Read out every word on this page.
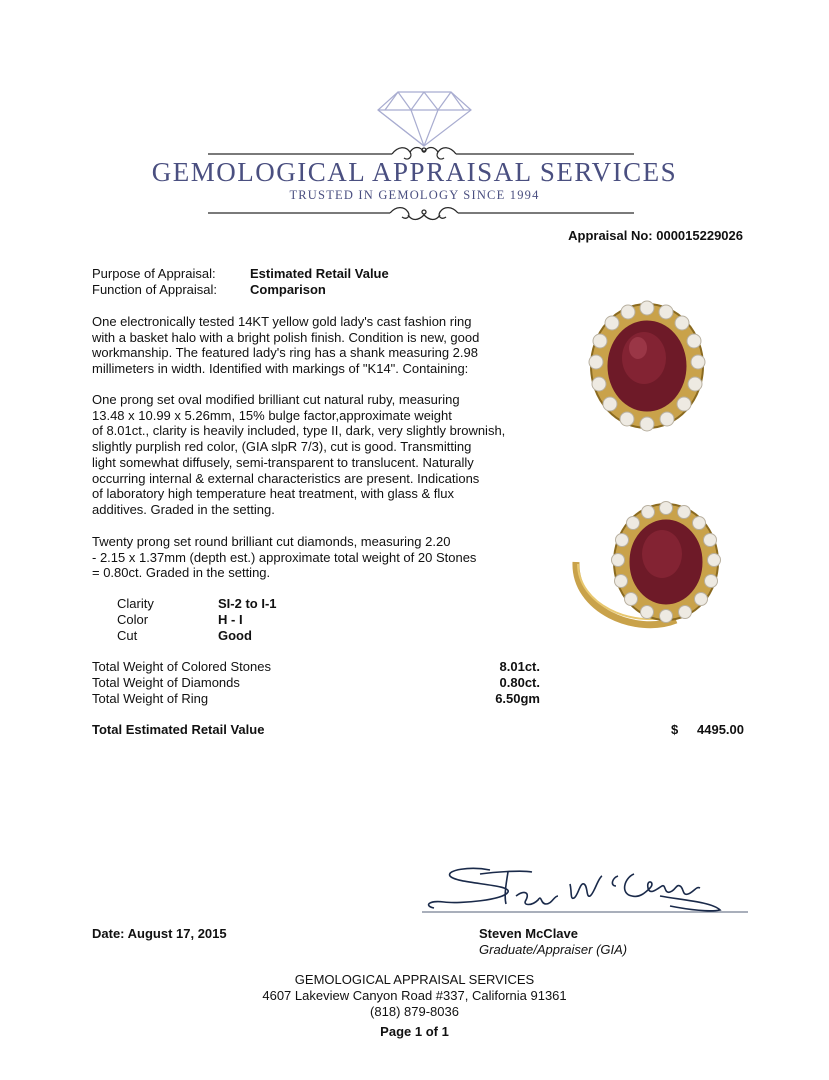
GEMOLOGICAL APPRAISAL SERVICES
TRUSTED IN GEMOLOGY SINCE 1994
Appraisal No: 000015229026
Purpose of Appraisal:	Estimated Retail Value
Function of Appraisal:	Comparison
One electronically tested 14KT yellow gold lady's cast fashion ring
with a basket halo with a bright polish finish. Condition is new, good
workmanship. The featured lady's ring has a shank measuring 2.98
millimeters in width. Identified with markings of "K14". Containing:
One prong set oval modified brilliant cut natural ruby, measuring
13.48 x 10.99 x 5.26mm, 15% bulge factor,approximate weight
of 8.01ct., clarity is heavily included, type II, dark, very slightly brownish,
slightly purplish red color, (GIA slpR 7/3), cut is good. Transmitting
light somewhat diffusely, semi-transparent to translucent. Naturally
occurring internal & external characteristics are present. Indications
of laboratory high temperature heat treatment, with glass & flux
additives. Graded in the setting.
Twenty prong set round brilliant cut diamonds, measuring 2.20
- 2.15 x 1.37mm (depth est.) approximate total weight of 20 Stones
= 0.80ct. Graded in the setting.
Clarity	SI-2 to I-1
Color	H - I
Cut	Good
Total Weight of Colored Stones	8.01ct.
Total Weight of Diamonds	0.80ct.
Total Weight of Ring	6.50gm
Total Estimated Retail Value	$ 4495.00
Date: August 17, 2015	Steven McClave
Graduate/Appraiser (GIA)
GEMOLOGICAL APPRAISAL SERVICES
4607 Lakeview Canyon Road #337, California 91361
(818) 879-8036
Page 1 of 1
